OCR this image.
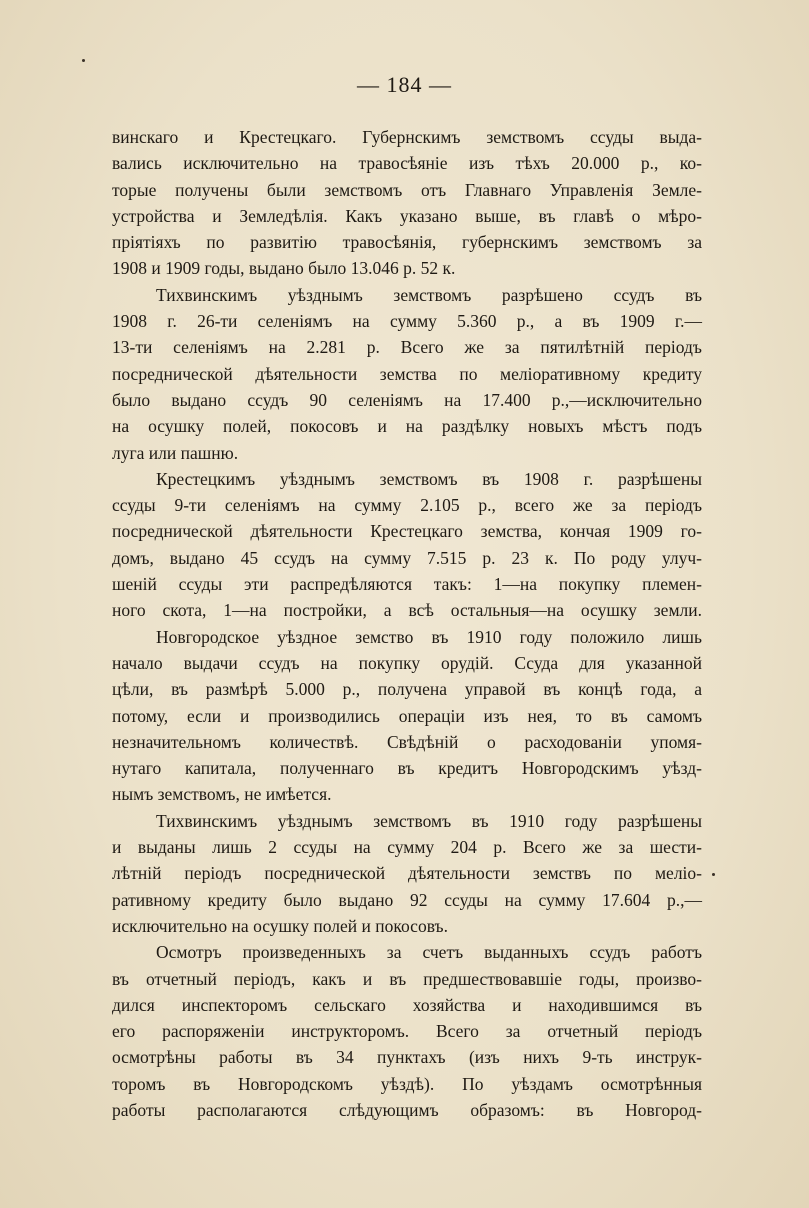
— 184 —
винскаго и Крестецкаго. Губернскимъ земствомъ ссуды выда-
вались исключительно на травосѣяніе изъ тѣхъ 20.000 р., ко-
торые получены были земствомъ отъ Главнаго Управленія Земле-
устройства и Земледѣлія. Какъ указано выше, въ главѣ о мѣро-
пріятіяхъ по развитію травосѣянія, губернскимъ земствомъ за
1908 и 1909 годы, выдано было 13.046 р. 52 к.
Тихвинскимъ уѣзднымъ земствомъ разрѣшено ссудъ въ
1908 г. 26-ти селеніямъ на сумму 5.360 р., а въ 1909 г.—
13-ти селеніямъ на 2.281 р. Всего же за пятилѣтній періодъ
посреднической дѣятельности земства по меліоративному кредиту
было выдано ссудъ 90 селеніямъ на 17.400 р.,—исключительно
на осушку полей, покосовъ и на раздѣлку новыхъ мѣстъ подъ
луга или пашню.
Крестецкимъ уѣзднымъ земствомъ въ 1908 г. разрѣшены
ссуды 9-ти селеніямъ на сумму 2.105 р., всего же за періодъ
посреднической дѣятельности Крестецкаго земства, кончая 1909 го-
домъ, выдано 45 ссудъ на сумму 7.515 р. 23 к. По роду улуч-
шеній ссуды эти распредѣляются такъ: 1—на покупку племен-
ного скота, 1—на постройки, а всѣ остальныя—на осушку земли.
Новгородское уѣздное земство въ 1910 году положило лишь
начало выдачи ссудъ на покупку орудій. Ссуда для указанной
цѣли, въ размѣрѣ 5.000 р., получена управой въ концѣ года, а
потому, если и производились операціи изъ нея, то въ самомъ
незначительномъ количествѣ. Свѣдѣній о расходованіи упомя-
нутаго капитала, полученнаго въ кредитъ Новгородскимъ уѣзд-
нымъ земствомъ, не имѣется.
Тихвинскимъ уѣзднымъ земствомъ въ 1910 году разрѣшены
и выданы лишь 2 ссуды на сумму 204 р. Всего же за шести-
лѣтній періодъ посреднической дѣятельности земствъ по меліо-
ративному кредиту было выдано 92 ссуды на сумму 17.604 р.,—
исключительно на осушку полей и покосовъ.
Осмотръ произведенныхъ за счетъ выданныхъ ссудъ работъ
въ отчетный періодъ, какъ и въ предшествовавшіе годы, произво-
дился инспекторомъ сельскаго хозяйства и находившимся въ
его распоряженіи инструкторомъ. Всего за отчетный періодъ
осмотрѣны работы въ 34 пунктахъ (изъ нихъ 9-ть инструк-
торомъ въ Новгородскомъ уѣздѣ). По уѣздамъ осмотрѣнныя
работы располагаются слѣдующимъ образомъ: въ Новгород-
